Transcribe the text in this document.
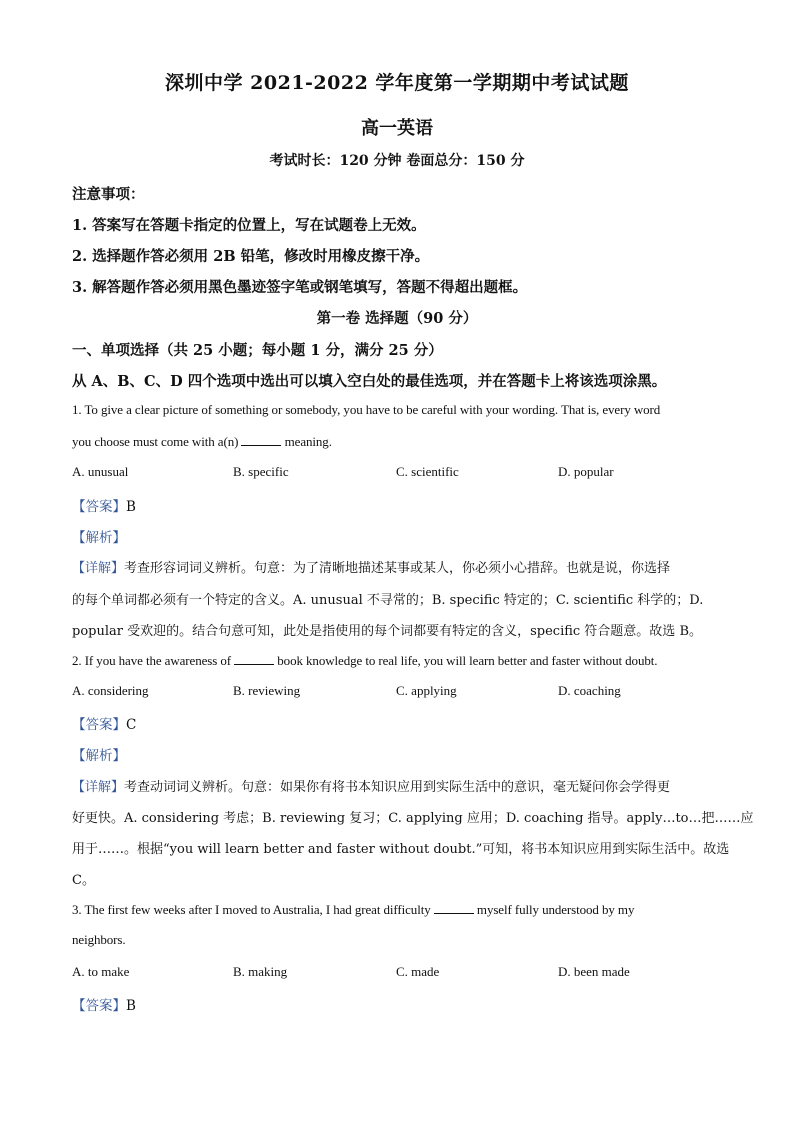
深圳中学 2021-2022 学年度第一学期期中考试试题
高一英语
考试时长：120 分钟 卷面总分：150 分
注意事项：
1. 答案写在答题卡指定的位置上，写在试题卷上无效。
2. 选择题作答必须用 2B 铅笔，修改时用橡皮擦干净。
3. 解答题作答必须用黑色墨迹签字笔或钢笔填写，答题不得超出题框。
第一卷 选择题（90 分）
一、单项选择（共 25 小题；每小题 1 分，满分 25 分）
从 A、B、C、D 四个选项中选出可以填入空白处的最佳选项，并在答题卡上将该选项涂黑。
1. To give a clear picture of something or somebody, you have to be careful with your wording. That is, every word
you choose must come with a(n)	meaning.
A. unusual	B. specific	C. scientific	D. popular
【答案】B
【解析】
【详解】考查形容词词义辨析。句意：为了清晰地描述某事或某人，你必须小心措辞。也就是说，你选择
的每个单词都必须有一个特定的含义。A. unusual 不寻常的；B. specific 特定的；C. scientific 科学的；D.
popular 受欢迎的。结合句意可知，此处是指使用的每个词都要有特定的含义，specific 符合题意。故选 B。
2. If you have the awareness of	book knowledge to real life, you will learn better and faster without doubt.
A. considering	B. reviewing	C. applying	D. coaching
【答案】C
【解析】
【详解】考查动词词义辨析。句意：如果你有将书本知识应用到实际生活中的意识，毫无疑问你会学得更
好更快。A. considering 考虑；B. reviewing 复习；C. applying 应用；D. coaching 指导。apply…to…把……应
用于……。根据“you will learn better and faster without doubt.”可知，将书本知识应用到实际生活中。故选
C。
3. The first few weeks after I moved to Australia, I had great difficulty	myself fully understood by my
neighbors.
A. to make	B. making	C. made	D. been made
【答案】B
